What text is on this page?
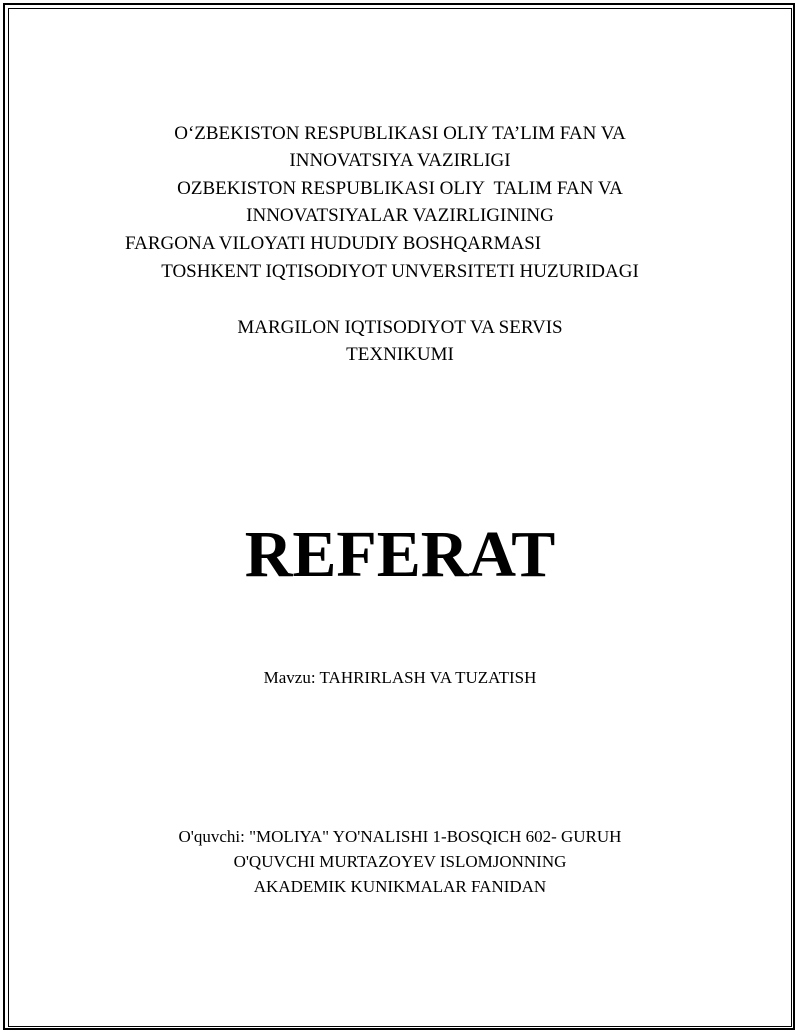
O‘ZBEKISTON RESPUBLIKASI OLIY TA’LIM FAN VA
INNOVATSIYA VAZIRLIGI
OZBEKISTON RESPUBLIKASI OLIY  TALIM FAN VA
INNOVATSIYALAR VAZIRLIGINING
FARGONA VILOYATI HUDUDIY BOSHQARMASI
TOSHKENT IQTISODIYOT UNVERSITETI HUZURIDAGI
MARGILON IQTISODIYOT VA SERVIS
TEXNIKUMI
REFERAT
Mavzu: TAHRIRLASH VA TUZATISH
O'quvchi: "MOLIYA" YO'NALISHI 1-BOSQICH 602- GURUH
O'QUVCHI MURTAZOYEV ISLOMJONNING
AKADEMIK KUNIKMALAR FANIDAN
